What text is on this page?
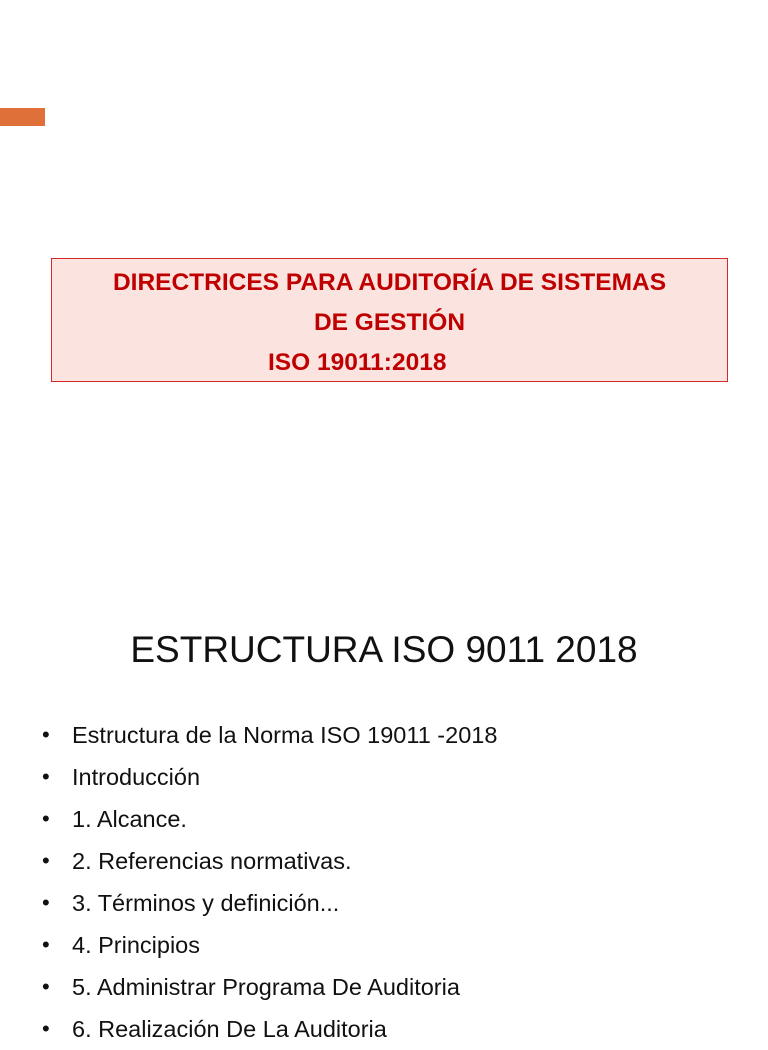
DIRECTRICES PARA AUDITORÍA DE SISTEMAS
DE GESTIÓN
ISO 19011:2018
ESTRUCTURA ISO 9011 2018
• Estructura de la Norma ISO 19011 -2018
• Introducción
• 1. Alcance.
• 2. Referencias normativas.
• 3. Términos y definición...
• 4. Principios
• 5. Administrar Programa De Auditoria
• 6. Realización De La Auditoria
